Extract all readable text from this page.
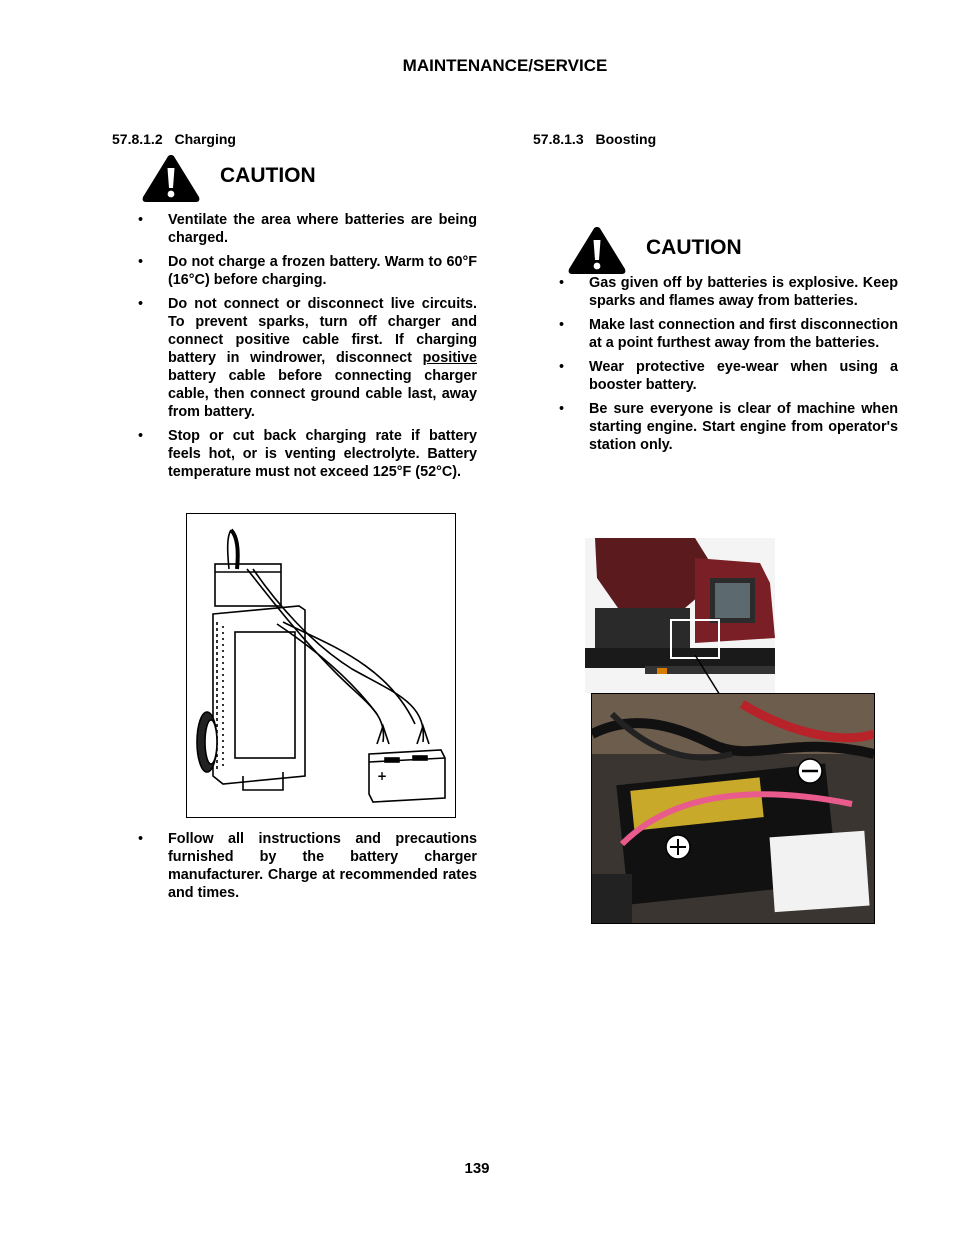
MAINTENANCE/SERVICE
57.8.1.2 Charging
CAUTION
• Ventilate the area where batteries are being charged.
• Do not charge a frozen battery. Warm to 60°F (16°C) before charging.
• Do not connect or disconnect live circuits. To prevent sparks, turn off charger and connect positive cable first. If charging battery in windrower, disconnect positive battery cable before connecting charger cable, then connect ground cable last, away from battery.
• Stop or cut back charging rate if battery feels hot, or is venting electrolyte. Battery temperature must not exceed 125°F (52°C).
+
• Follow all instructions and precautions furnished by the battery charger manufacturer. Charge at recommended rates and times.
57.8.1.3 Boosting
CAUTION
• Gas given off by batteries is explosive. Keep sparks and flames away from batteries.
• Make last connection and first disconnection at a point furthest away from the batteries.
• Wear protective eye-wear when using a booster battery.
• Be sure everyone is clear of machine when starting engine. Start engine from operator's station only.
139
